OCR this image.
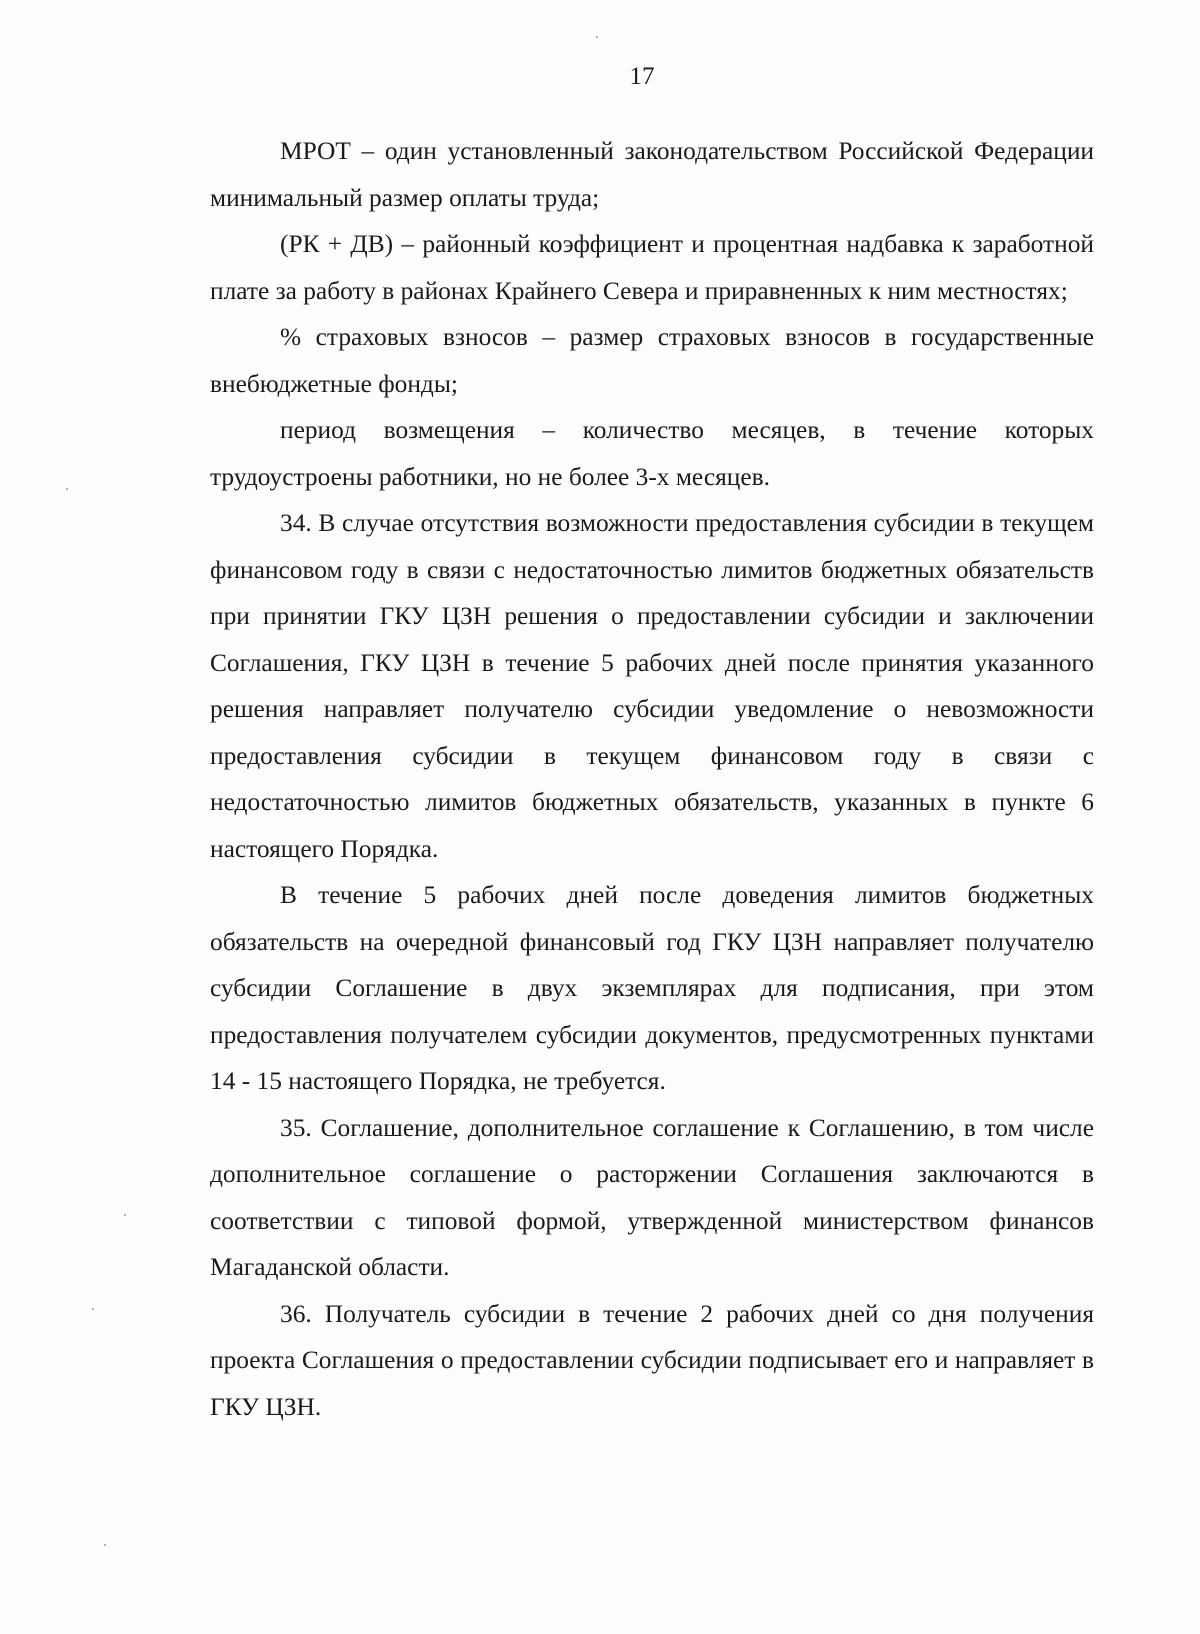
17

МРОТ – один установленный законодательством Российской Федерации минимальный размер оплаты труда;

(РК + ДВ) – районный коэффициент и процентная надбавка к заработной плате за работу в районах Крайнего Севера и приравненных к ним местностях;

% страховых взносов – размер страховых взносов в государственные внебюджетные фонды;

период возмещения – количество месяцев, в течение которых трудоустроены работники, но не более 3-х месяцев.

34. В случае отсутствия возможности предоставления субсидии в текущем финансовом году в связи с недостаточностью лимитов бюджетных обязательств при принятии ГКУ ЦЗН решения о предоставлении субсидии и заключении Соглашения, ГКУ ЦЗН в течение 5 рабочих дней после принятия указанного решения направляет получателю субсидии уведомление о невозможности предоставления субсидии в текущем финансовом году в связи с недостаточностью лимитов бюджетных обязательств, указанных в пункте 6 настоящего Порядка.

В течение 5 рабочих дней после доведения лимитов бюджетных обязательств на очередной финансовый год ГКУ ЦЗН направляет получателю субсидии Соглашение в двух экземплярах для подписания, при этом предоставления получателем субсидии документов, предусмотренных пунктами 14 - 15 настоящего Порядка, не требуется.

35. Соглашение, дополнительное соглашение к Соглашению, в том числе дополнительное соглашение о расторжении Соглашения заключаются в соответствии с типовой формой, утвержденной министерством финансов Магаданской области.

36. Получатель субсидии в течение 2 рабочих дней со дня получения проекта Соглашения о предоставлении субсидии подписывает его и направляет в ГКУ ЦЗН.
